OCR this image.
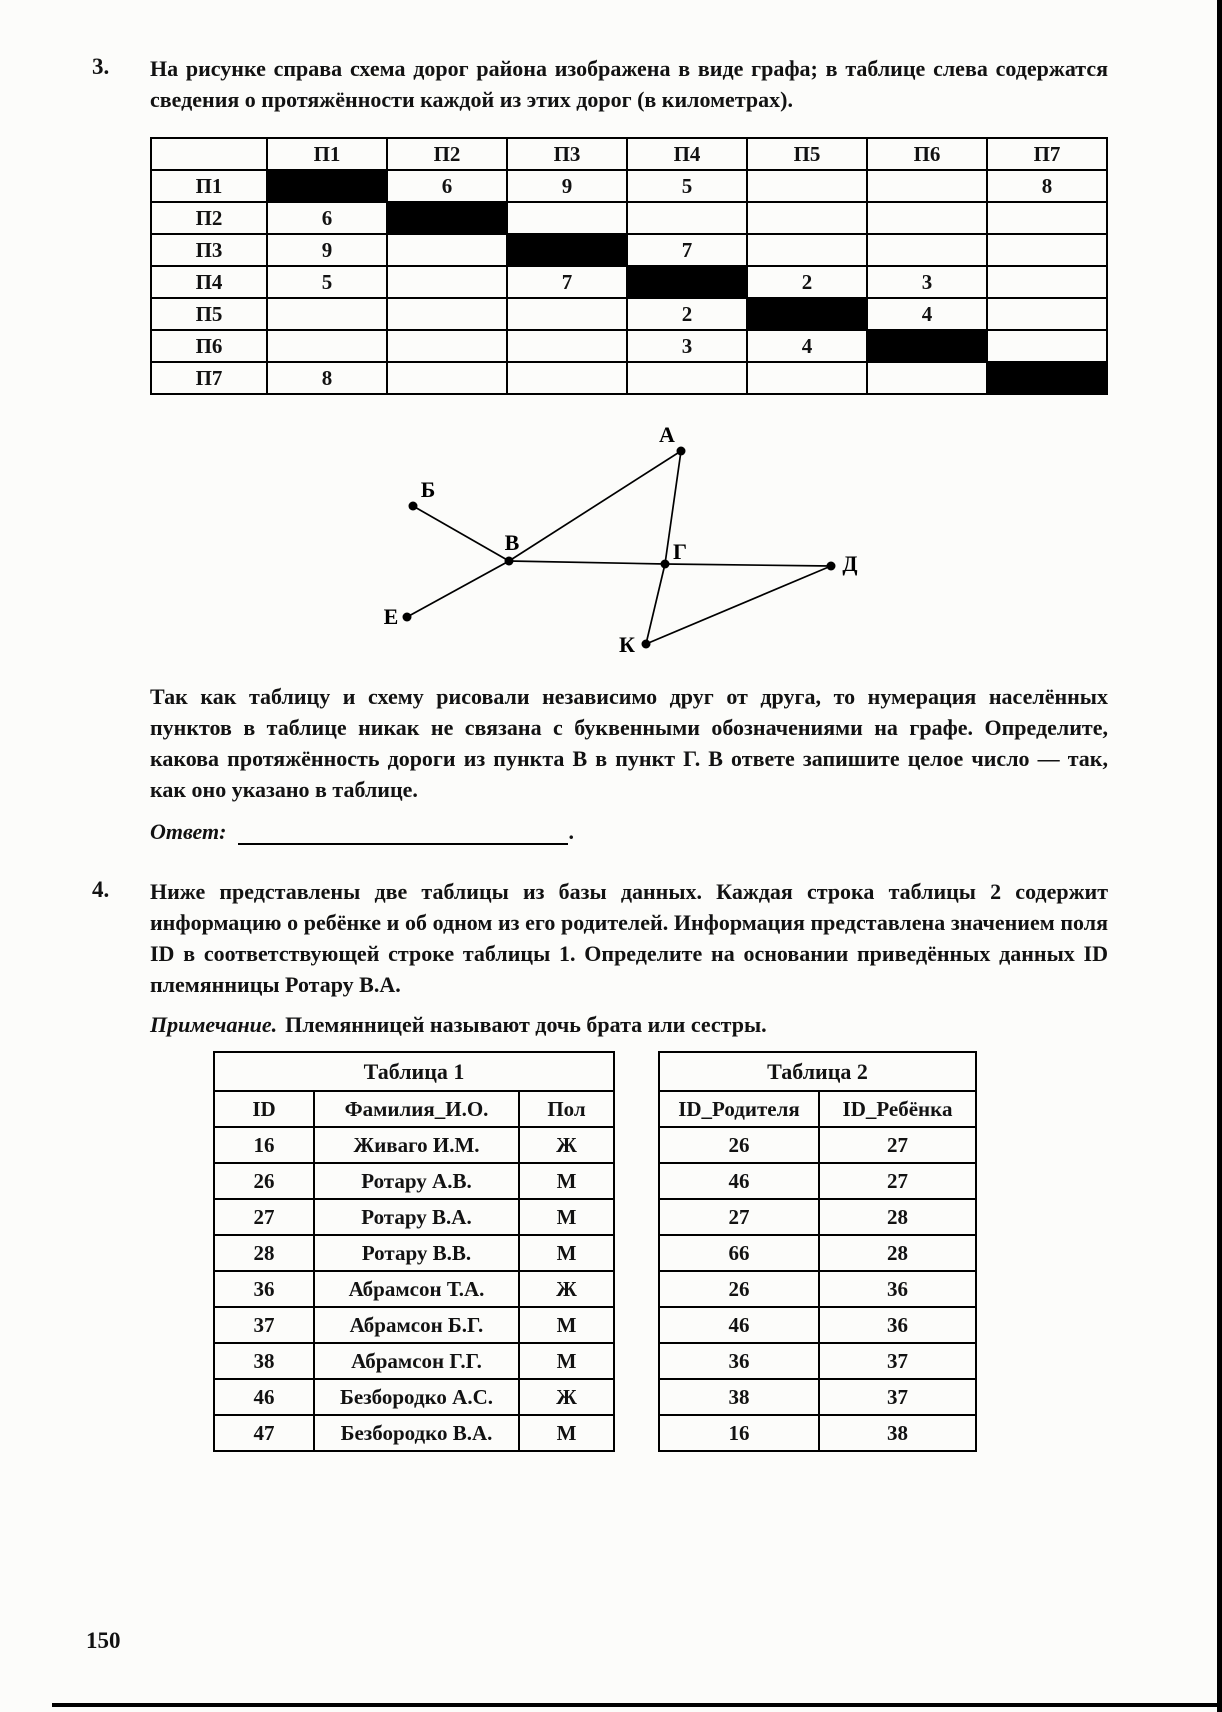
3. На рисунке справа схема дорог района изображена в виде графа; в таблице слева содержатся сведения о протяжённости каждой из этих дорог (в километрах).

	П1	П2	П3	П4	П5	П6	П7
П1		6	9	5			8
П2	6						
П3	9			7			
П4	5		7		2	3	
П5				2		4	
П6				3	4		
П7	8						
А
Б
В	Г	Д
Е
К

Так как таблицу и схему рисовали независимо друг от друга, то нумерация населённых пунктов в таблице никак не связана с буквенными обозначениями на графе. Определите, какова протяжённость дороги из пункта В в пункт Г. В ответе запишите целое число — так, как оно указано в таблице.

Ответ:	.
4. Ниже представлены две таблицы из базы данных. Каждая строка таблицы 2 содержит информацию о ребёнке и об одном из его родителей. Информация представлена значением поля ID в соответствующей строке таблицы 1. Определите на основании приведённых данных ID племянницы Ротару В.А.

Примечание. Племянницей называют дочь брата или сестры.

Таблица 1		
ID	Фамилия_И.О.	Пол
16	Живаго И.М.	Ж
26	Ротару А.В.	М
27	Ротару В.А.	М
28	Ротару В.В.	М
36	Абрамсон Т.А.	Ж
37	Абрамсон Б.Г.	М
38	Абрамсон Г.Г.	М
46	Безбородко А.С.	Ж
47	Безбородко В.А.	М
Таблица 2	
ID_Родителя	ID_Ребёнка
26	27
46	27
27	28
66	28
26	36
46	36
36	37
38	37
16	38
150
